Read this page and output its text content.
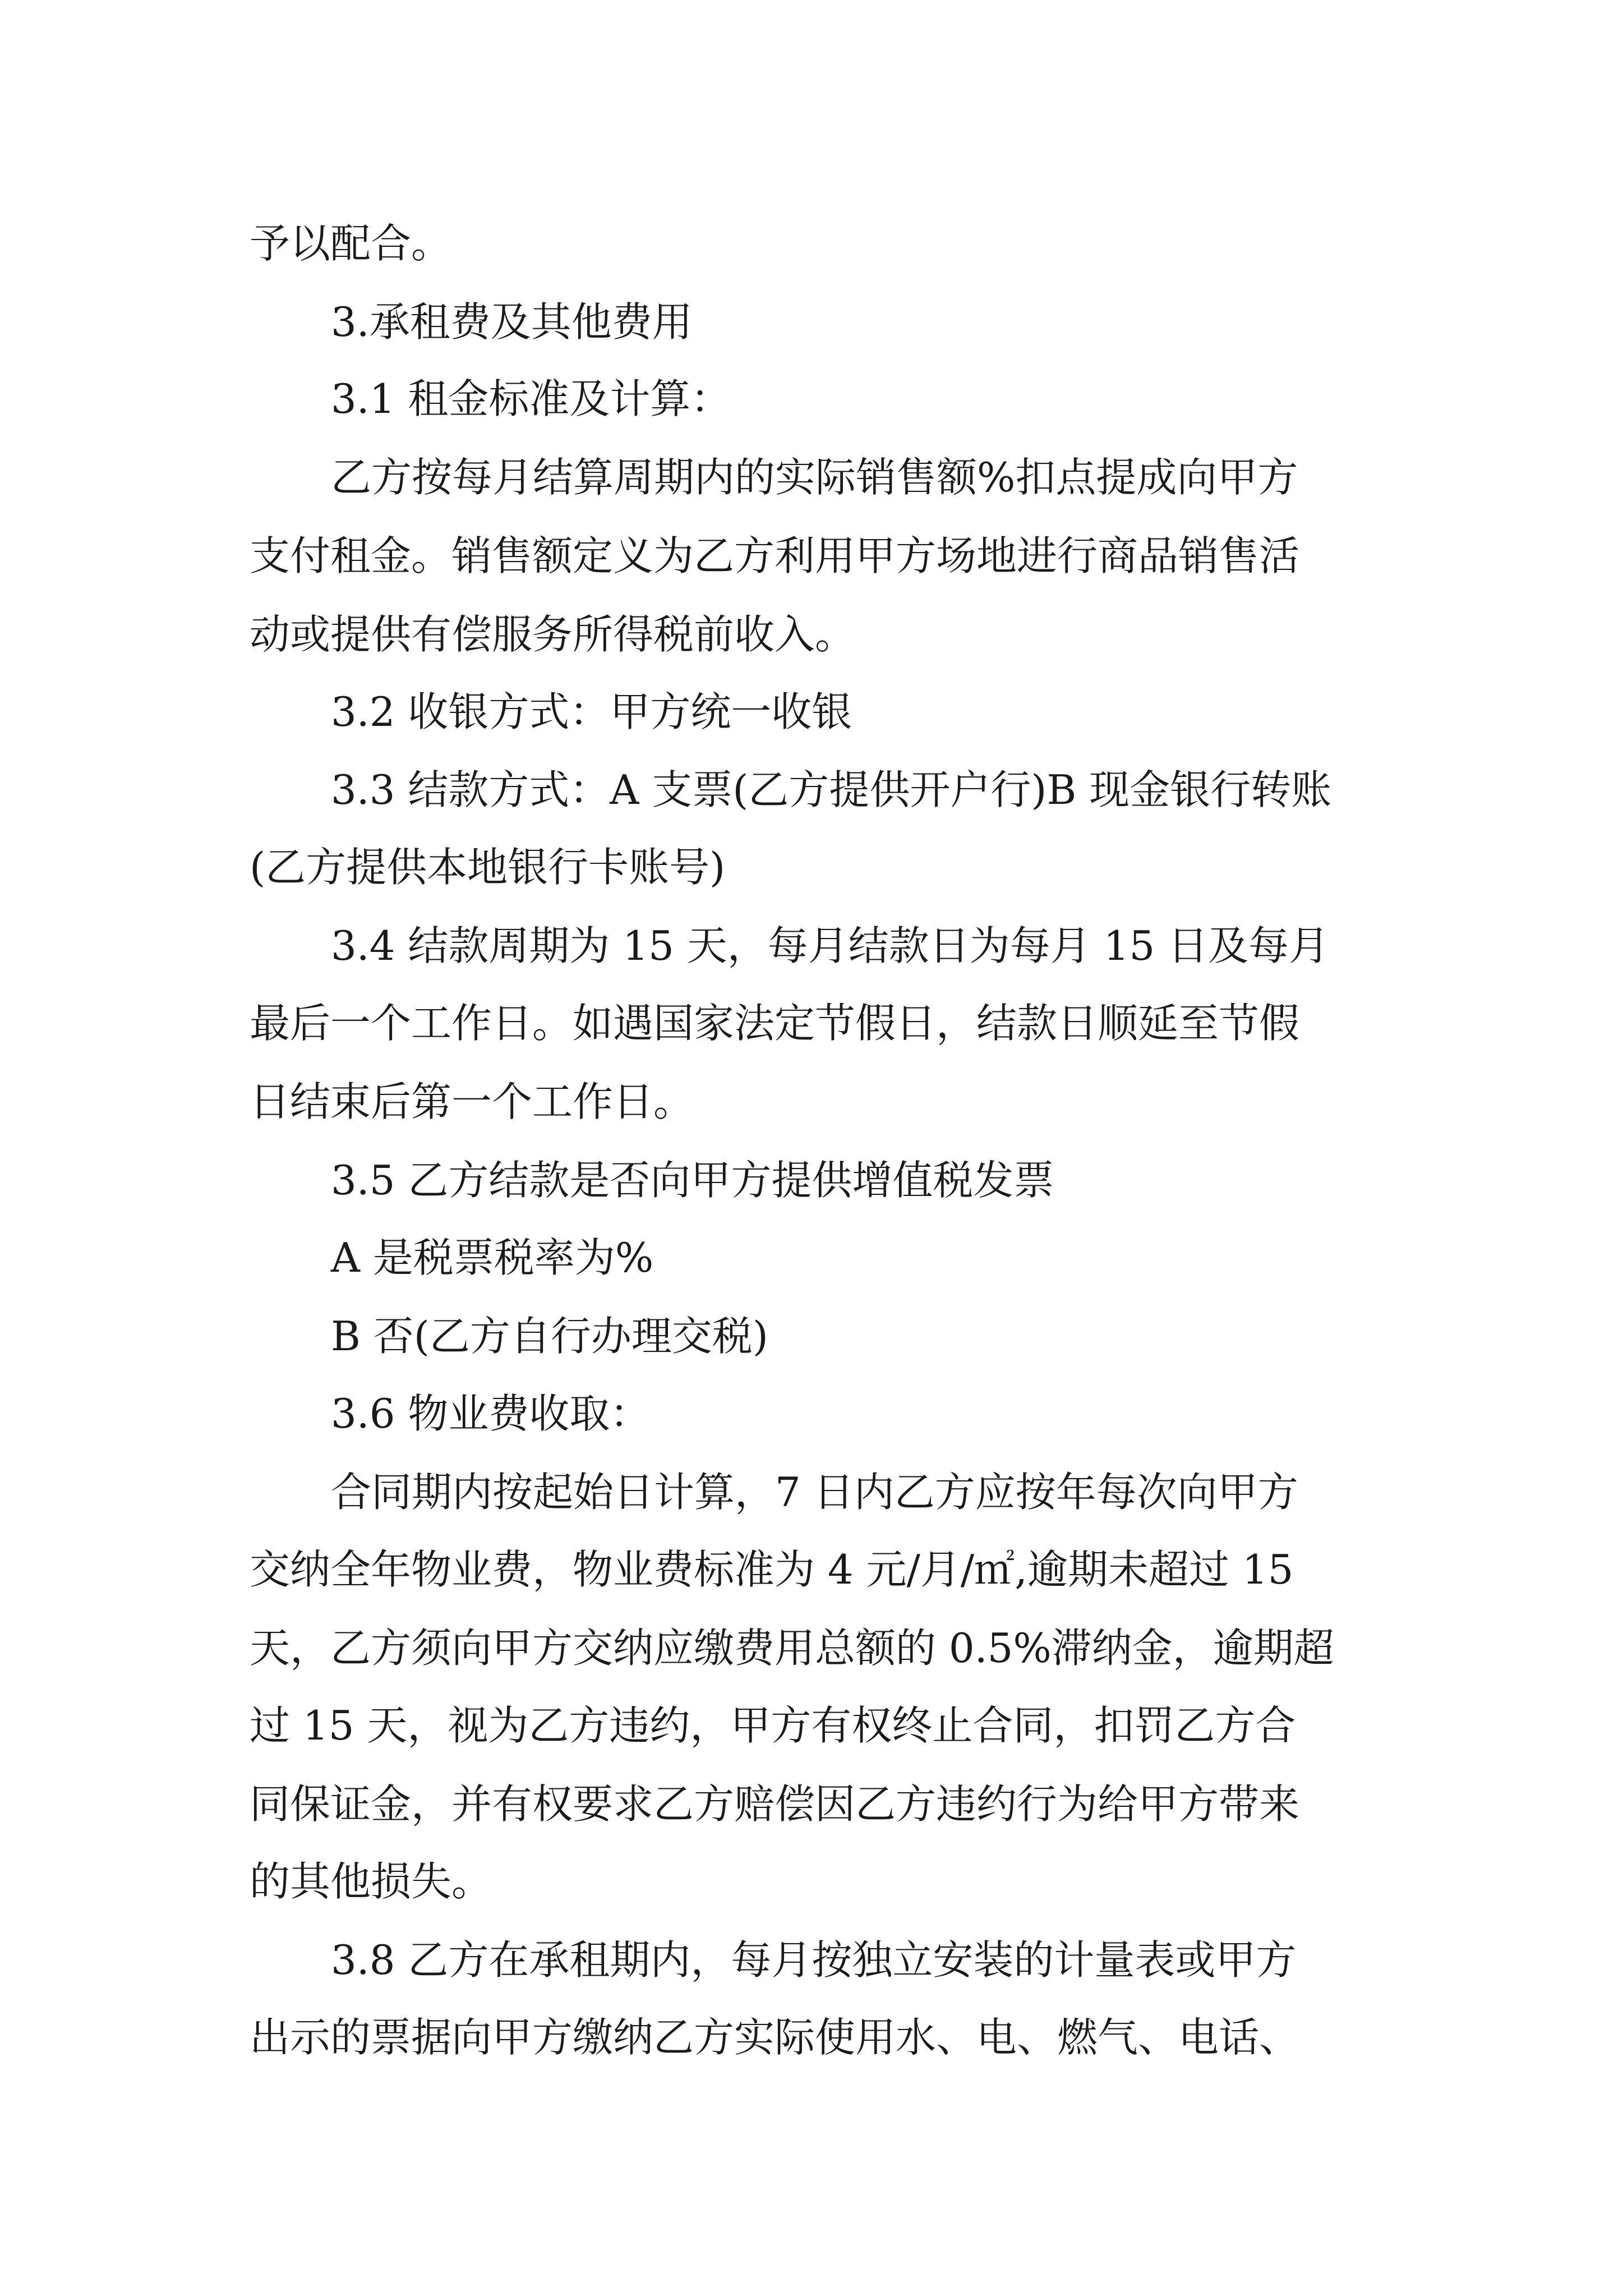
予以配合。
3.承租费及其他费用
3.1 租金标准及计算：
乙方按每月结算周期内的实际销售额%扣点提成向甲方
支付租金。销售额定义为乙方利用甲方场地进行商品销售活
动或提供有偿服务所得税前收入。
3.2 收银方式：甲方统一收银
3.3 结款方式：A 支票(乙方提供开户行)B 现金银行转账
(乙方提供本地银行卡账号)
3.4 结款周期为 15 天，每月结款日为每月 15 日及每月
最后一个工作日。如遇国家法定节假日，结款日顺延至节假
日结束后第一个工作日。
3.5 乙方结款是否向甲方提供增值税发票
A 是税票税率为%
B 否(乙方自行办理交税)
3.6 物业费收取：
合同期内按起始日计算，7 日内乙方应按年每次向甲方
交纳全年物业费，物业费标准为 4 元/月/㎡,逾期未超过 15
天，乙方须向甲方交纳应缴费用总额的 0.5%滞纳金，逾期超
过 15 天，视为乙方违约，甲方有权终止合同，扣罚乙方合
同保证金，并有权要求乙方赔偿因乙方违约行为给甲方带来
的其他损失。
3.8 乙方在承租期内，每月按独立安装的计量表或甲方
出示的票据向甲方缴纳乙方实际使用水、电、燃气、电话、
